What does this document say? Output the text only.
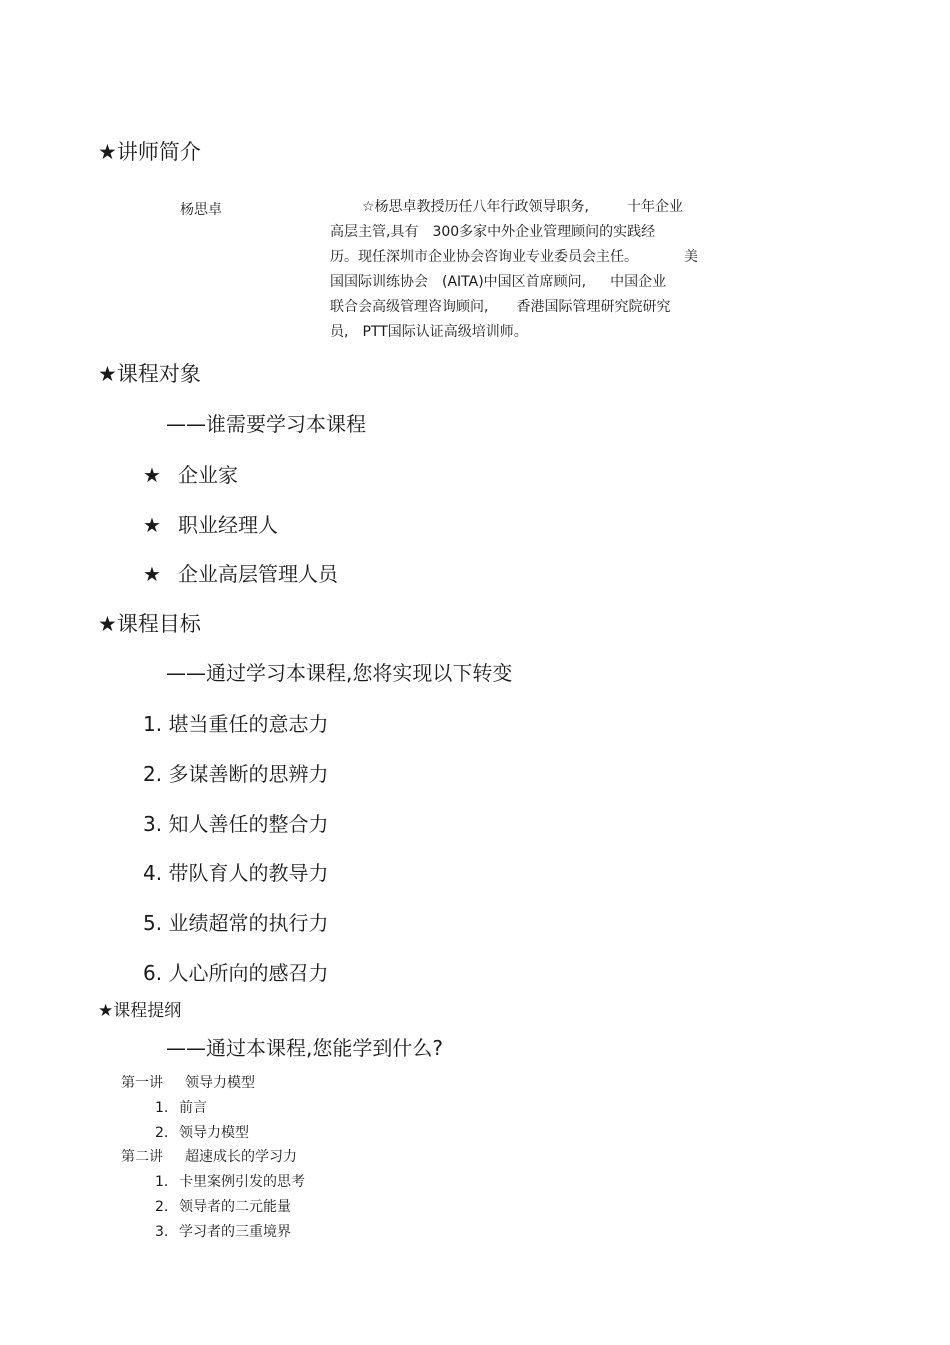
★讲师简介
杨思卓	☆杨思卓教授历任八年行政领导职务,	十年企业
高层主管,具有 300多家中外企业管理顾问的实践经
历。现任深圳市企业协会咨询业专业委员会主任。	美
国国际训练协会 (AITA)中国区首席顾问, 中国企业
联合会高级管理咨询顾问, 香港国际管理研究院研究
员, PTT国际认证高级培训师。
★课程对象
——谁需要学习本课程
★ 企业家
★ 职业经理人
★ 企业高层管理人员
★课程目标
——通过学习本课程,您将实现以下转变
1. 堪当重任的意志力
2. 多谋善断的思辨力
3. 知人善任的整合力
4. 带队育人的教导力
5. 业绩超常的执行力
6. 人心所向的感召力
★课程提纲
——通过本课程,您能学到什么?
第一讲 领导力模型
1. 前言
2. 领导力模型
第二讲 超速成长的学习力
1. 卡里案例引发的思考
2. 领导者的二元能量
3. 学习者的三重境界
